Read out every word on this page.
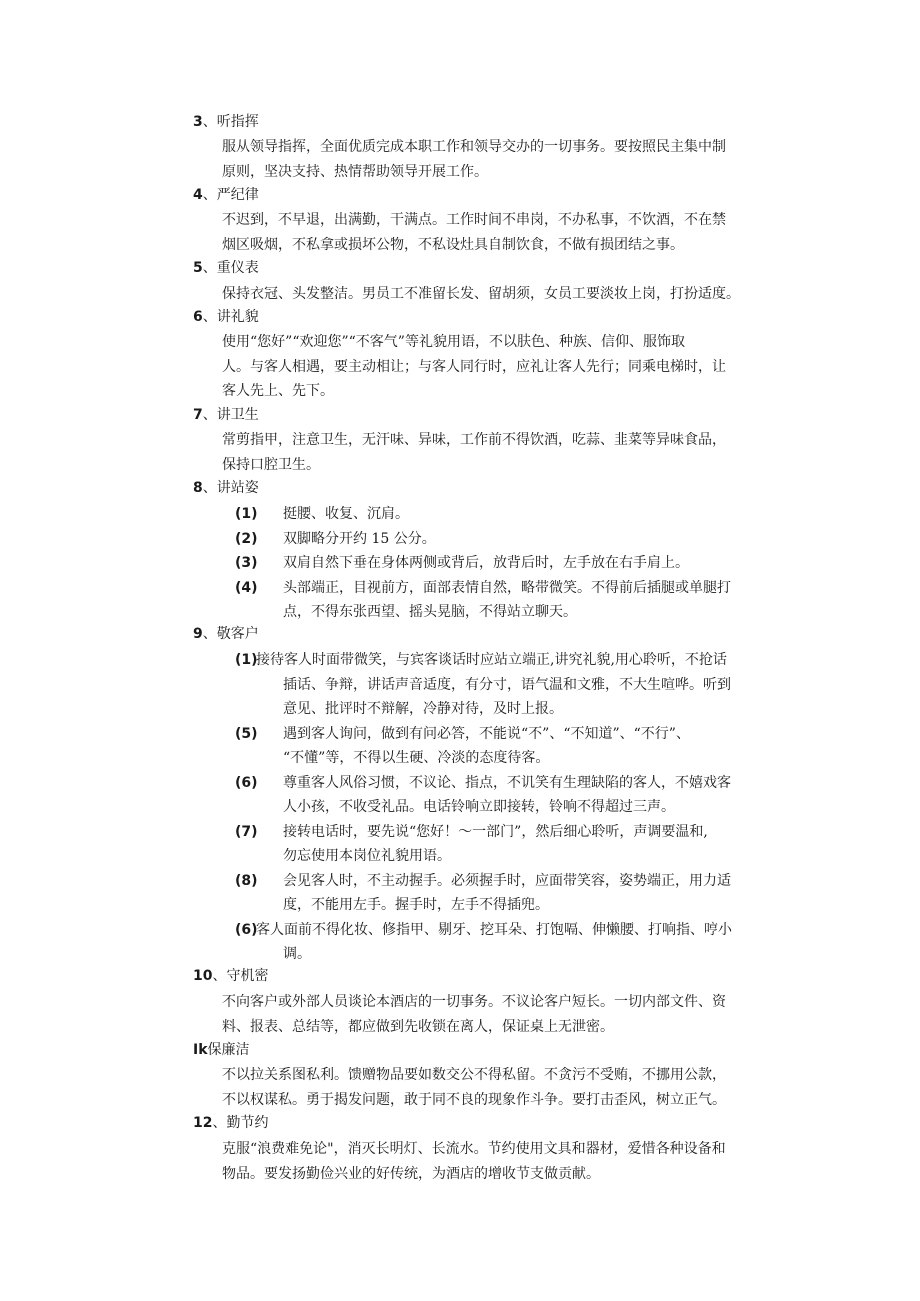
3、听指挥
服从领导指挥，全面优质完成本职工作和领导交办的一切事务。要按照民主集中制
原则，坚决支持、热情帮助领导开展工作。
4、严纪律
不迟到，不早退，出满勤，干满点。工作时间不串岗，不办私事，不饮酒，不在禁
烟区吸烟，不私拿或损坏公物，不私设灶具自制饮食，不做有损团结之事。
5、重仪表
保持衣冠、头发整洁。男员工不准留长发、留胡须，女员工要淡妆上岗，打扮适度。
6、讲礼貌
使用“您好”“欢迎您”“不客气”等礼貌用语，不以肤色、种族、信仰、服饰取
人。与客人相遇，要主动相让；与客人同行时，应礼让客人先行；同乘电梯时，让
客人先上、先下。
7、讲卫生
常剪指甲，注意卫生，无汗味、异味，工作前不得饮酒，吃蒜、韭菜等异味食品，
保持口腔卫生。
8、讲站姿
(1) 挺腰、收复、沉肩。
(2) 双脚略分开约 15 公分。
(3) 双肩自然下垂在身体两侧或背后，放背后时，左手放在右手肩上。
(4) 头部端正，目视前方，面部表情自然，略带微笑。不得前后插腿或单腿打
点，不得东张西望、摇头晃脑，不得站立聊天。
9、敬客户
(1)
接待客人时面带微笑，与宾客谈话时应站立端正,讲究礼貌,用心聆听，不抢话
插话、争辩，讲话声音适度，有分寸，语气温和文雅，不大生喧哗。听到
意见、批评时不辩解，冷静对待，及时上报。
(5) 遇到客人询问，做到有问必答，不能说“不”、“不知道”、“不行”、
“不懂”等，不得以生硬、冷淡的态度待客。
(6) 尊重客人风俗习惯，不议论、指点，不讥笑有生理缺陷的客人，不嬉戏客
人小孩，不收受礼品。电话铃响立即接转，铃响不得超过三声。
(7) 接转电话时，要先说“您好！〜一部门”，然后细心聆听，声调要温和,
勿忘使用本岗位礼貌用语。
(8) 会见客人时，不主动握手。必须握手时，应面带笑容，姿势端正，用力适
度，不能用左手。握手时，左手不得插兜。
(6)
客人面前不得化妆、修指甲、剔牙、挖耳朵、打饱嗝、伸懒腰、打响指、哼小
调。
10、守机密
不向客户或外部人员谈论本酒店的一切事务。不议论客户短长。一切内部文件、资
料、报表、总结等，都应做到先收锁在离人，保证桌上无泄密。
Ik保廉洁
不以拉关系图私利。馈赠物品要如数交公不得私留。不贪污不受贿，不挪用公款，
不以权谋私。勇于揭发问题，敢于同不良的现象作斗争。要打击歪风，树立正气。
12、勤节约
克服“浪费难免论"，消灭长明灯、长流水。节约使用文具和器材，爱惜各种设备和
物品。要发扬勤俭兴业的好传统，为酒店的增收节支做贡献。
